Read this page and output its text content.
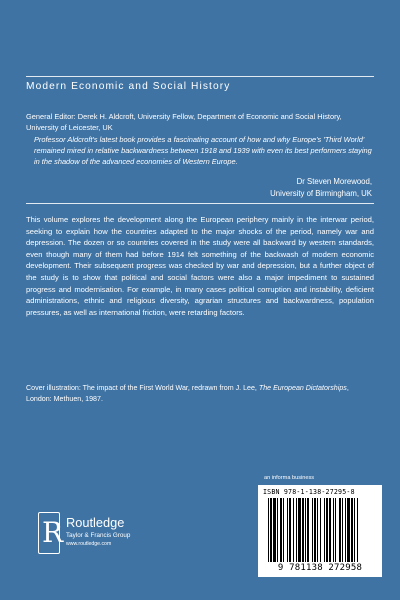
Modern Economic and Social History
General Editor: Derek H. Aldcroft, University Fellow, Department of Economic and Social History, University of Leicester, UK
Professor Aldcroft's latest book provides a fascinating account of how and why Europe's 'Third World' remained mired in relative backwardness between 1918 and 1939 with even its best performers staying in the shadow of the advanced economies of Western Europe.
Dr Steven Morewood,
University of Birmingham, UK
This volume explores the development along the European periphery mainly in the interwar period, seeking to explain how the countries adapted to the major shocks of the period, namely war and depression. The dozen or so countries covered in the study were all backward by western standards, even though many of them had before 1914 felt something of the backwash of modern economic development. Their subsequent progress was checked by war and depression, but a further object of the study is to show that political and social factors were also a major impediment to sustained progress and modernisation. For example, in many cases political corruption and instability, deficient administrations, ethnic and religious diversity, agrarian structures and backwardness, population pressures, as well as international friction, were retarding factors.
Cover illustration: The impact of the First World War, redrawn from J. Lee, The European Dictatorships, London: Methuen, 1987.
R Routledge
Taylor & Francis Group
www.routledge.com
an informa business
ISBN 978-1-138-27295-8
9 781138 272958
